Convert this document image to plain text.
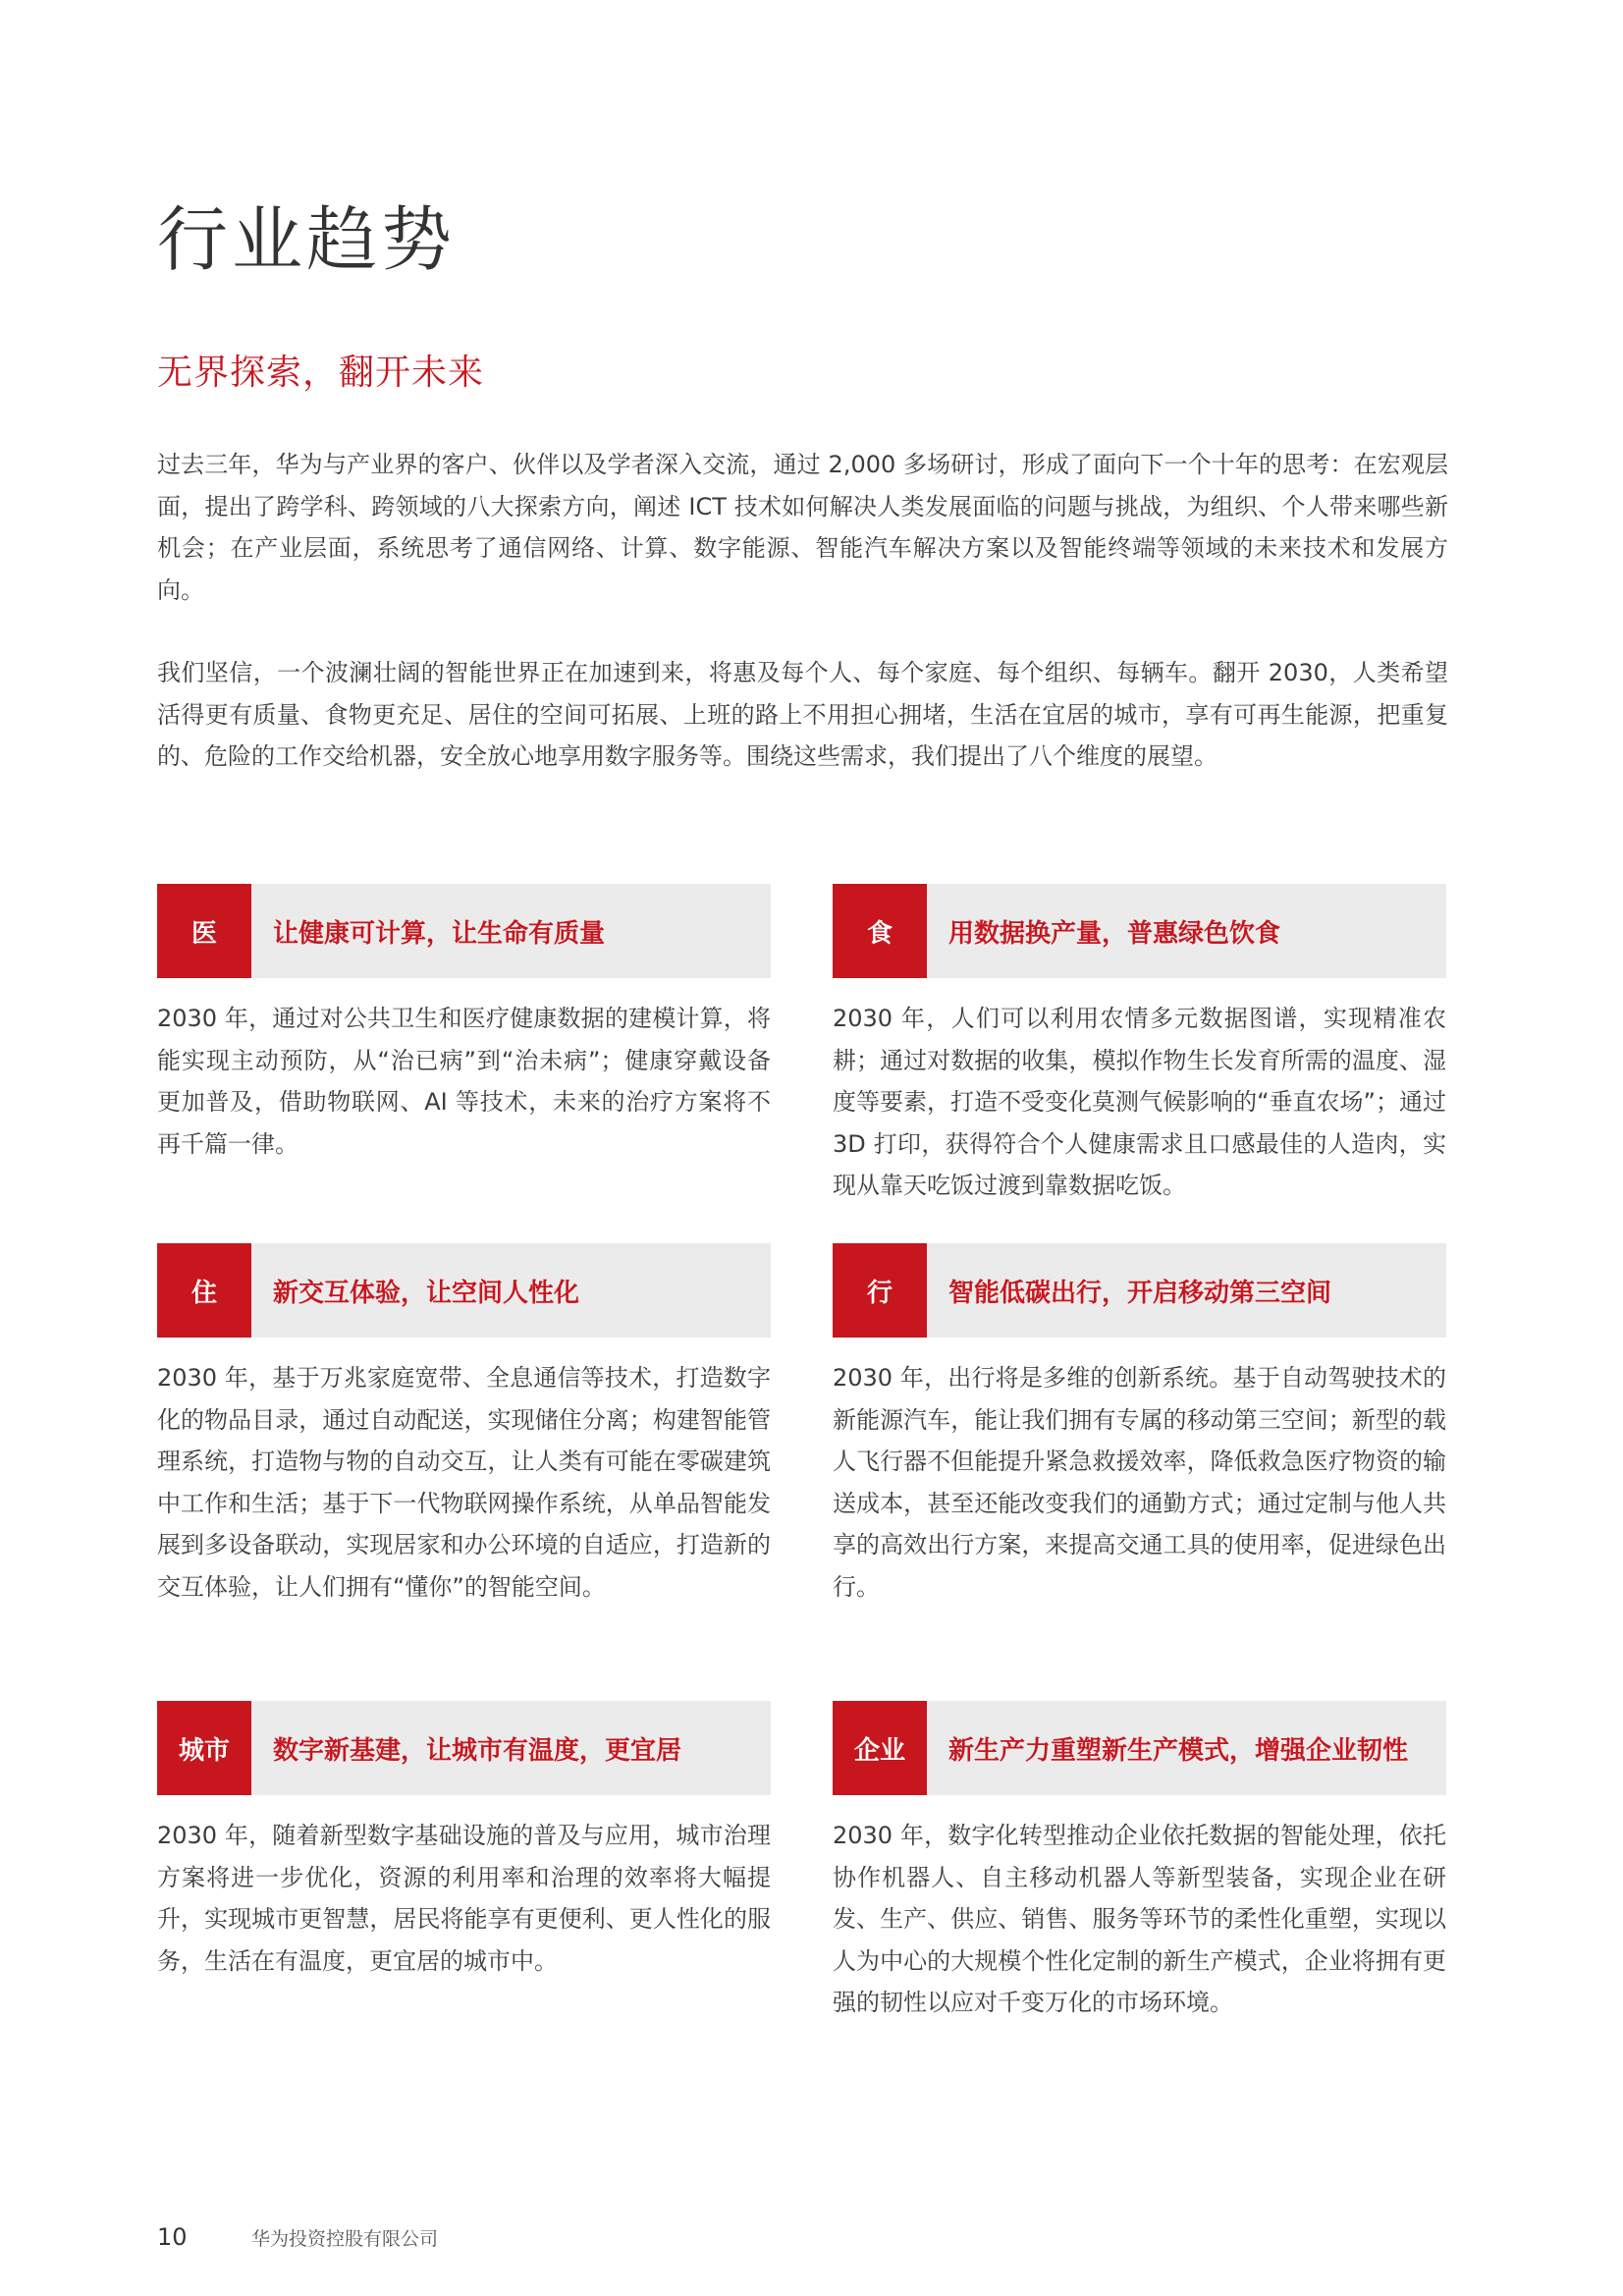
行业趋势
无界探索，翻开未来

过去三年，华为与产业界的客户、伙伴以及学者深入交流，通过 2,000 多场研讨，形成了面向下一个十年的思考：在宏观层面，提出了跨学科、跨领域的八大探索方向，阐述 ICT 技术如何解决人类发展面临的问题与挑战，为组织、个人带来哪些新机会；在产业层面，系统思考了通信网络、计算、数字能源、智能汽车解决方案以及智能终端等领域的未来技术和发展方向。

我们坚信，一个波澜壮阔的智能世界正在加速到来，将惠及每个人、每个家庭、每个组织、每辆车。翻开 2030，人类希望活得更有质量、食物更充足、居住的空间可拓展、上班的路上不用担心拥堵，生活在宜居的城市，享有可再生能源，把重复的、危险的工作交给机器，安全放心地享用数字服务等。围绕这些需求，我们提出了八个维度的展望。

医	让健康可计算，让生命有质量

2030 年，通过对公共卫生和医疗健康数据的建模计算，将能实现主动预防，从“治已病”到“治未病”；健康穿戴设备更加普及，借助物联网、AI 等技术，未来的治疗方案将不再千篇一律。

食	用数据换产量，普惠绿色饮食

2030 年，人们可以利用农情多元数据图谱，实现精准农耕；通过对数据的收集，模拟作物生长发育所需的温度、湿度等要素，打造不受变化莫测气候影响的“垂直农场”；通过 3D 打印，获得符合个人健康需求且口感最佳的人造肉，实现从靠天吃饭过渡到靠数据吃饭。

住	新交互体验，让空间人性化

2030 年，基于万兆家庭宽带、全息通信等技术，打造数字化的物品目录，通过自动配送，实现储住分离；构建智能管理系统，打造物与物的自动交互，让人类有可能在零碳建筑中工作和生活；基于下一代物联网操作系统，从单品智能发展到多设备联动，实现居家和办公环境的自适应，打造新的交互体验，让人们拥有“懂你”的智能空间。

行	智能低碳出行，开启移动第三空间

2030 年，出行将是多维的创新系统。基于自动驾驶技术的新能源汽车，能让我们拥有专属的移动第三空间；新型的载人飞行器不但能提升紧急救援效率，降低救急医疗物资的输送成本，甚至还能改变我们的通勤方式；通过定制与他人共享的高效出行方案，来提高交通工具的使用率，促进绿色出行。

城市	数字新基建，让城市有温度，更宜居

2030 年，随着新型数字基础设施的普及与应用，城市治理方案将进一步优化，资源的利用率和治理的效率将大幅提升，实现城市更智慧，居民将能享有更便利、更人性化的服务，生活在有温度，更宜居的城市中。

企业	新生产力重塑新生产模式，增强企业韧性

2030 年，数字化转型推动企业依托数据的智能处理，依托协作机器人、自主移动机器人等新型装备，实现企业在研发、生产、供应、销售、服务等环节的柔性化重塑，实现以人为中心的大规模个性化定制的新生产模式，企业将拥有更强的韧性以应对千变万化的市场环境。

10	华为投资控股有限公司
